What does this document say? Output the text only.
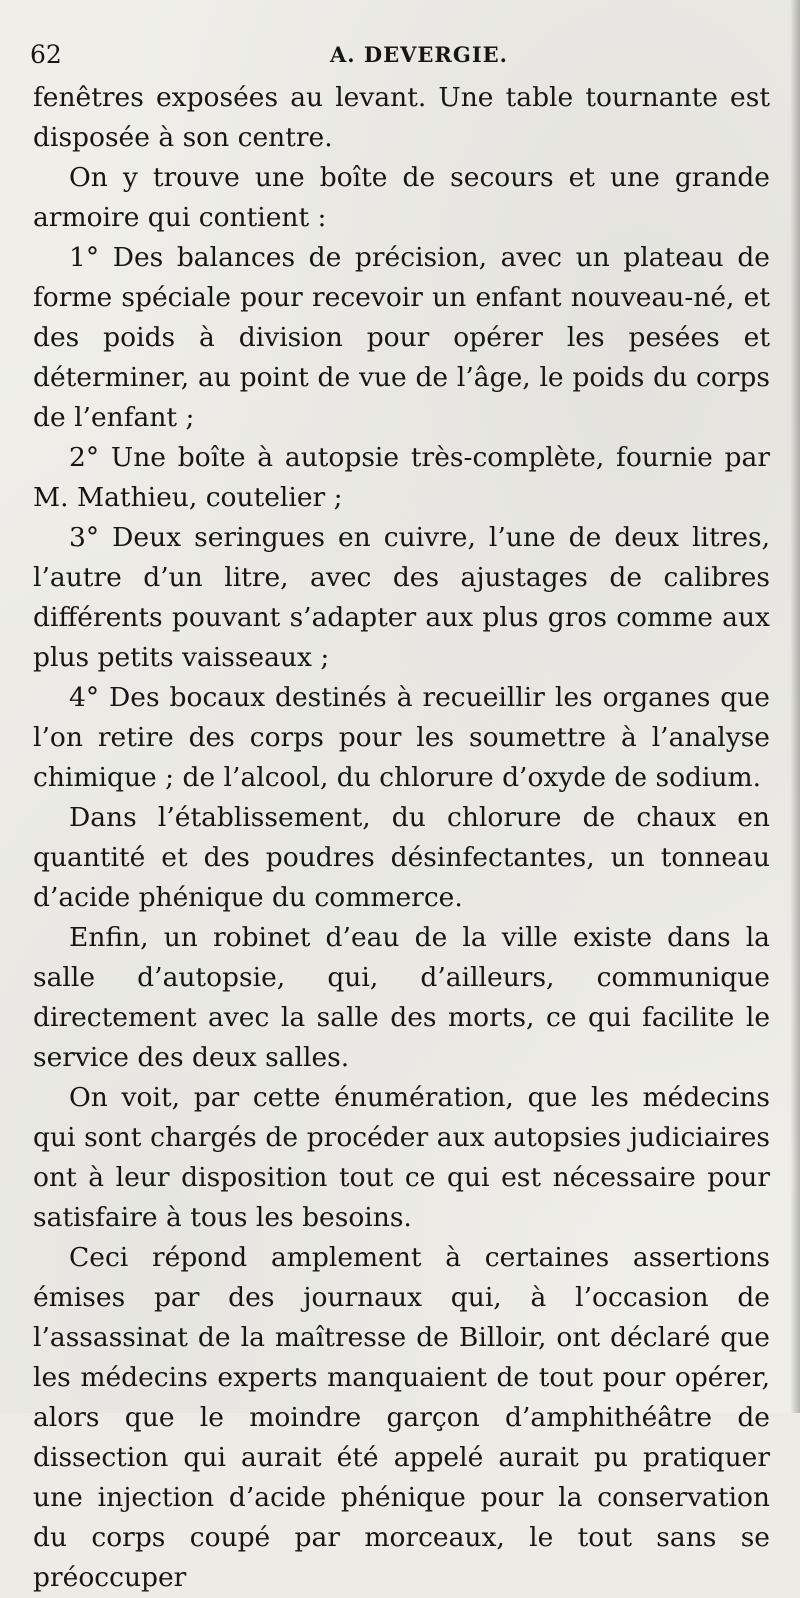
62	A. DEVERGIE.

fenêtres exposées au levant. Une table tournante est disposée à son centre.

On y trouve une boîte de secours et une grande armoire qui contient :

1° Des balances de précision, avec un plateau de forme spéciale pour recevoir un enfant nouveau-né, et des poids à division pour opérer les pesées et déterminer, au point de vue de l’âge, le poids du corps de l’enfant ;

2° Une boîte à autopsie très-complète, fournie par M. Mathieu, coutelier ;

3° Deux seringues en cuivre, l’une de deux litres, l’autre d’un litre, avec des ajustages de calibres différents pouvant s’adapter aux plus gros comme aux plus petits vaisseaux ;

4° Des bocaux destinés à recueillir les organes que l’on retire des corps pour les soumettre à l’analyse chimique ; de l’alcool, du chlorure d’oxyde de sodium.

Dans l’établissement, du chlorure de chaux en quantité et des poudres désinfectantes, un tonneau d’acide phénique du commerce.

Enfin, un robinet d’eau de la ville existe dans la salle d’autopsie, qui, d’ailleurs, communique directement avec la salle des morts, ce qui facilite le service des deux salles.

On voit, par cette énumération, que les médecins qui sont chargés de procéder aux autopsies judiciaires ont à leur disposition tout ce qui est nécessaire pour satisfaire à tous les besoins.

Ceci répond amplement à certaines assertions émises par des journaux qui, à l’occasion de l’assassinat de la maîtresse de Billoir, ont déclaré que les médecins experts manquaient de tout pour opérer, alors que le moindre garçon d’amphithéâtre de dissection qui aurait été appelé aurait pu pratiquer une injection d’acide phénique pour la conservation du corps coupé par morceaux, le tout sans se préoccuper
